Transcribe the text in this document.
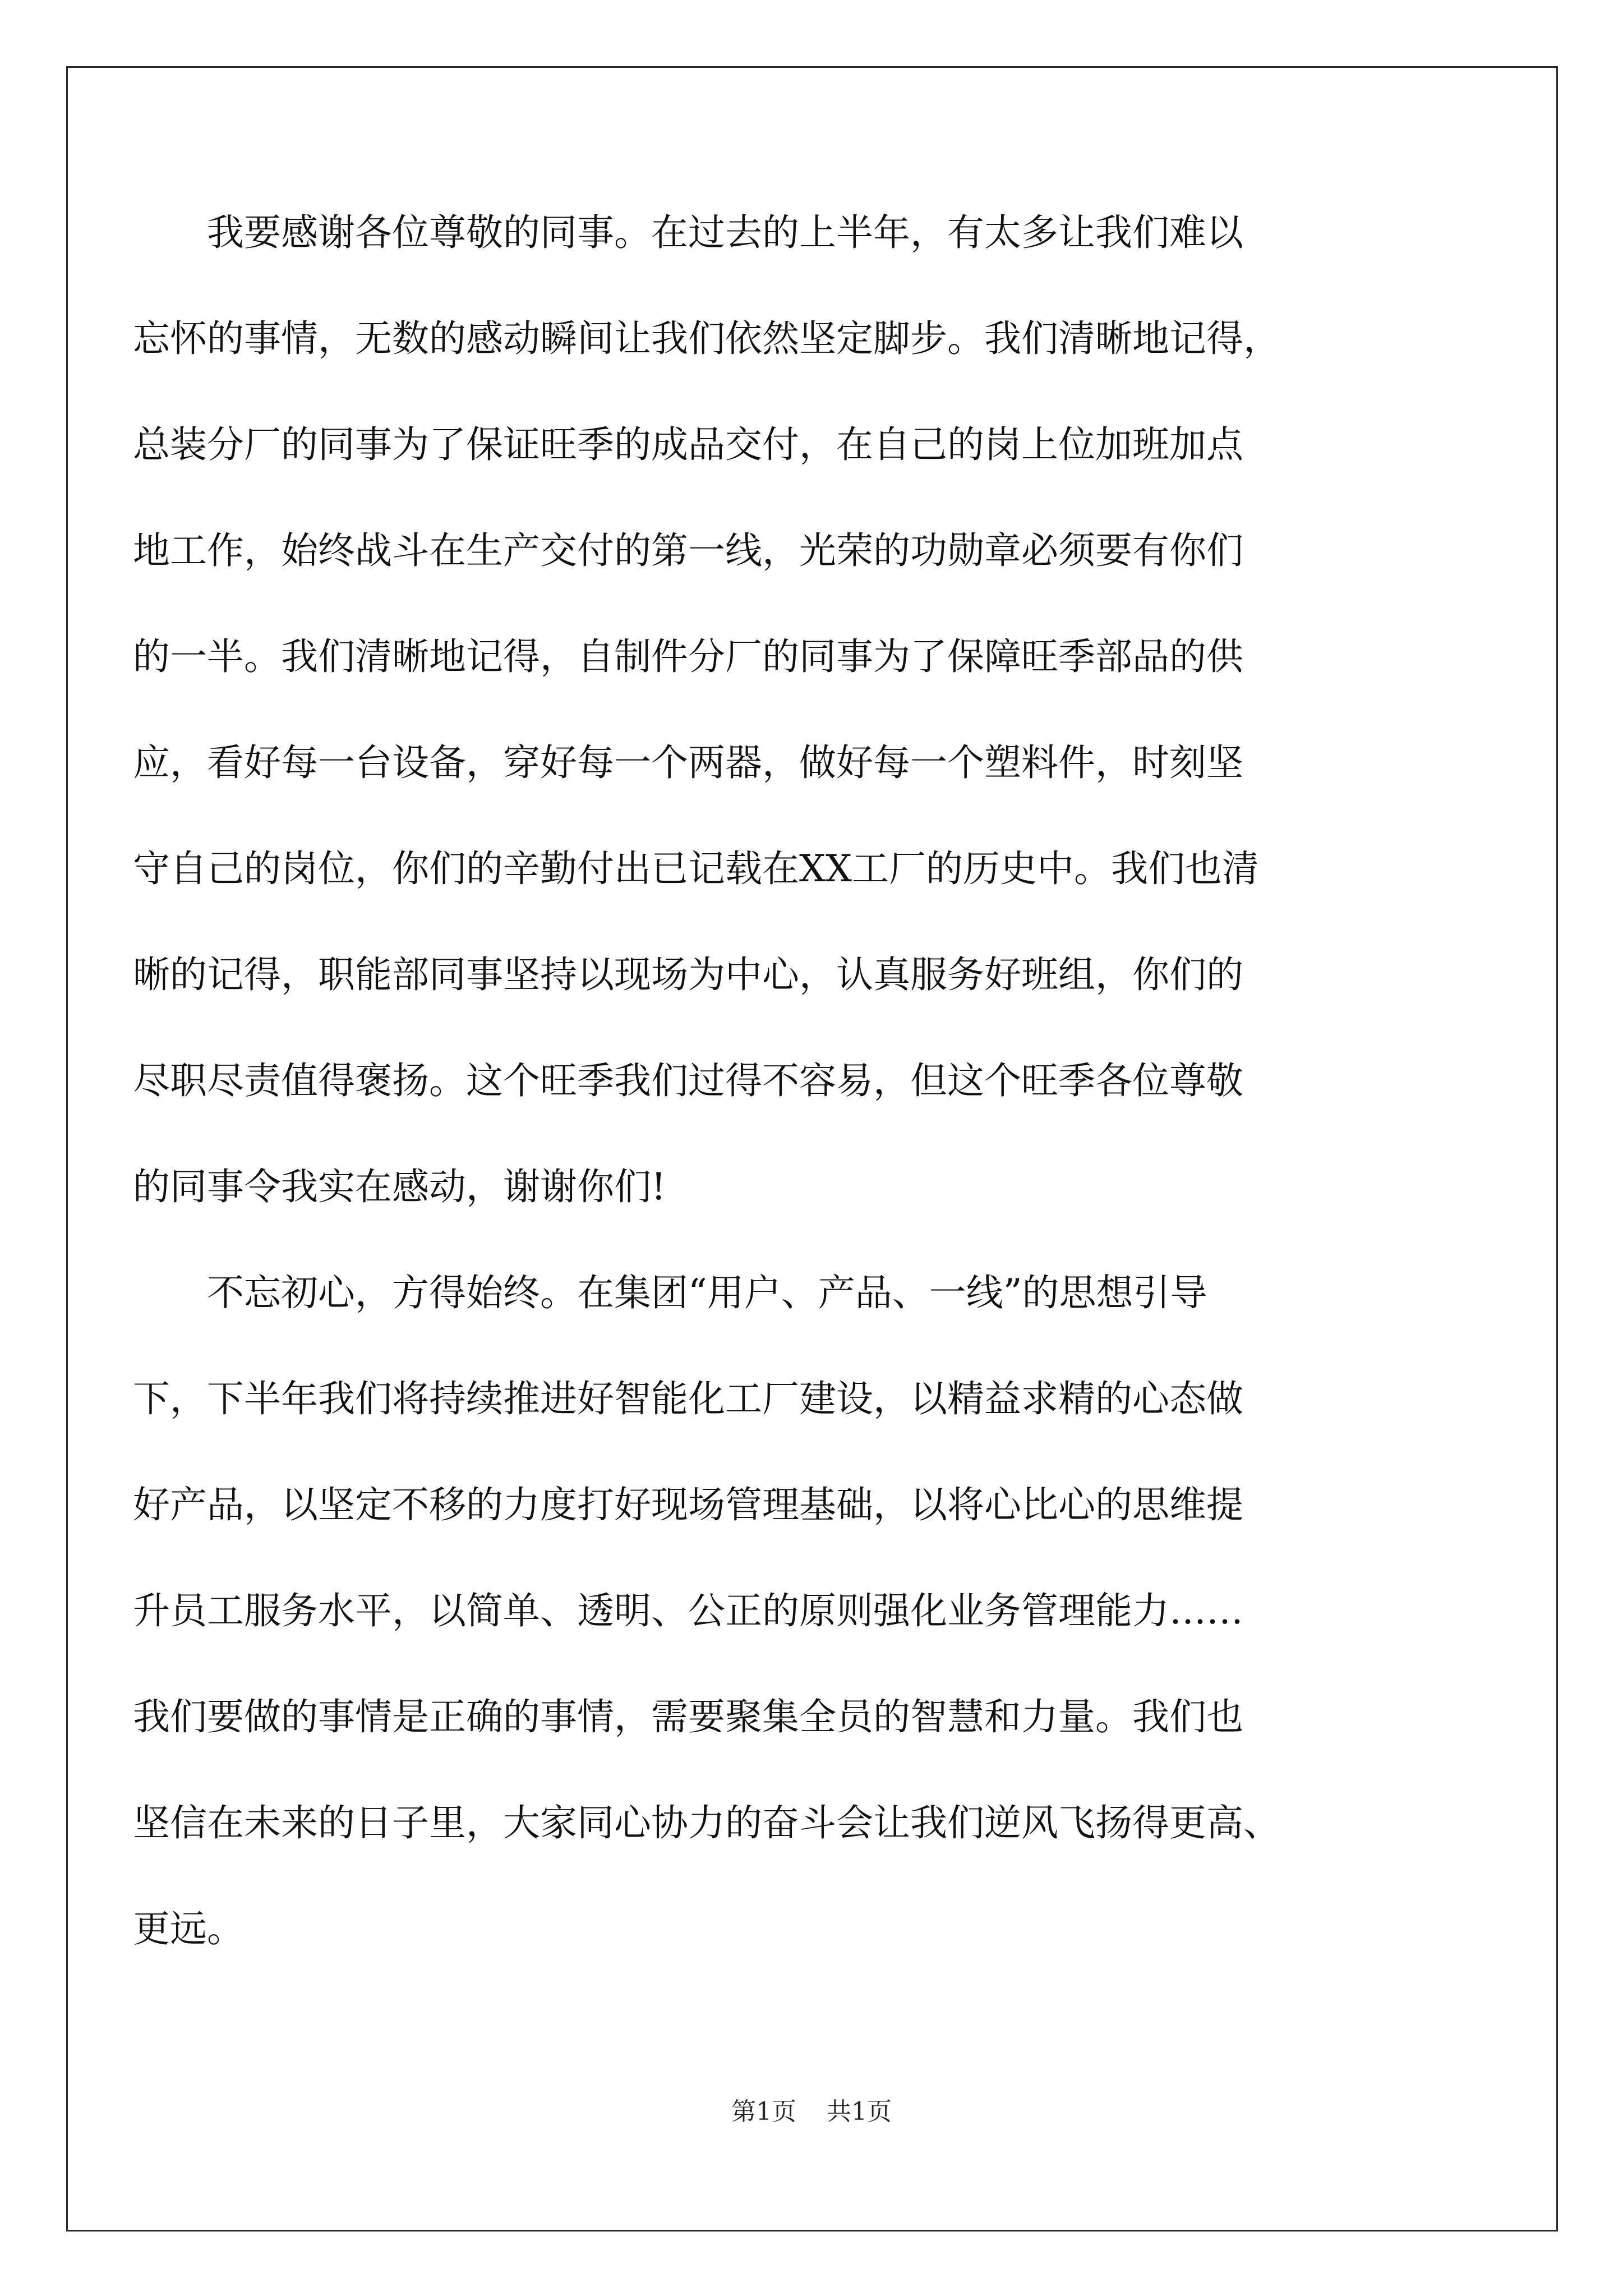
　　我要感谢各位尊敬的同事。在过去的上半年，有太多让我们难以
忘怀的事情，无数的感动瞬间让我们依然坚定脚步。我们清晰地记得，
总装分厂的同事为了保证旺季的成品交付，在自己的岗上位加班加点
地工作，始终战斗在生产交付的第一线，光荣的功勋章必须要有你们
的一半。我们清晰地记得，自制件分厂的同事为了保障旺季部品的供
应，看好每一台设备，穿好每一个两器，做好每一个塑料件，时刻坚
守自己的岗位，你们的辛勤付出已记载在XX工厂的历史中。我们也清
晰的记得，职能部同事坚持以现场为中心，认真服务好班组，你们的
尽职尽责值得褒扬。这个旺季我们过得不容易，但这个旺季各位尊敬
的同事令我实在感动，谢谢你们!
　　不忘初心，方得始终。在集团“用户、产品、一线”的思想引导
下，下半年我们将持续推进好智能化工厂建设，以精益求精的心态做
好产品，以坚定不移的力度打好现场管理基础，以将心比心的思维提
升员工服务水平，以简单、透明、公正的原则强化业务管理能力……
我们要做的事情是正确的事情，需要聚集全员的智慧和力量。我们也
坚信在未来的日子里，大家同心协力的奋斗会让我们逆风飞扬得更高、
更远。
第1页 共1页
